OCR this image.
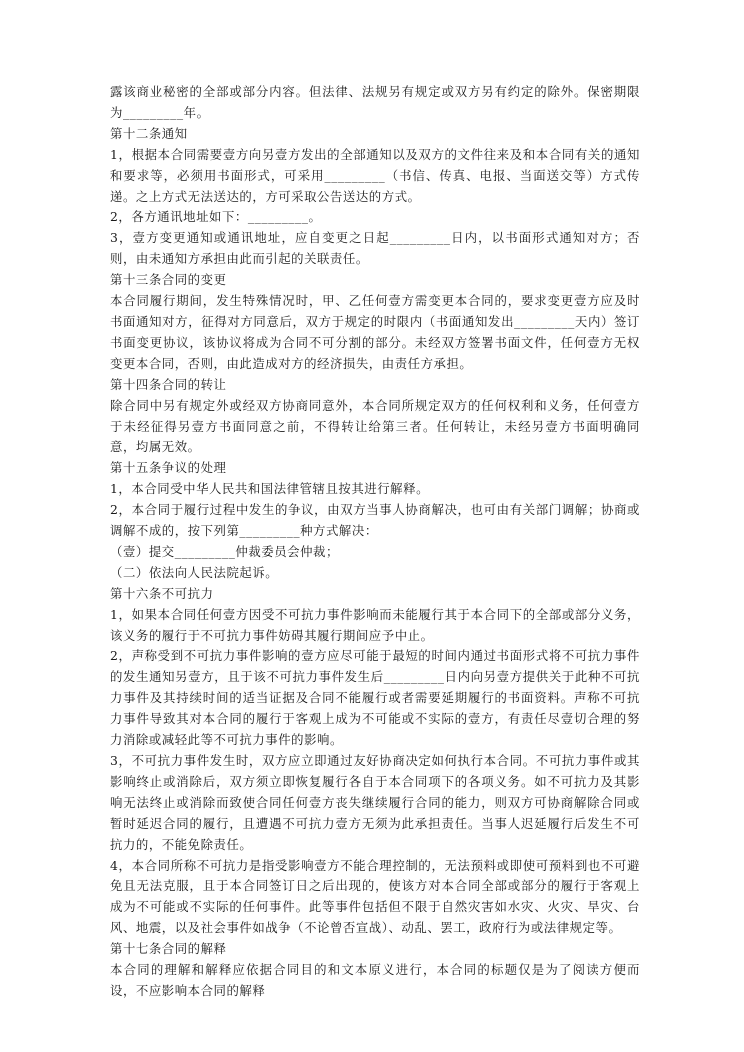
露该商业秘密的全部或部分内容。但法律、法规另有规定或双方另有约定的除外。保密期限为_________年。

第十二条通知

1，根据本合同需要壹方向另壹方发出的全部通知以及双方的文件往来及和本合同有关的通知和要求等，必须用书面形式，可采用_________（书信、传真、电报、当面送交等）方式传递。之上方式无法送达的，方可采取公告送达的方式。

2，各方通讯地址如下：_________。

3，壹方变更通知或通讯地址，应自变更之日起_________日内，以书面形式通知对方；否则，由未通知方承担由此而引起的关联责任。

第十三条合同的变更

本合同履行期间，发生特殊情况时，甲、乙任何壹方需变更本合同的，要求变更壹方应及时书面通知对方，征得对方同意后，双方于规定的时限内（书面通知发出_________天内）签订书面变更协议，该协议将成为合同不可分割的部分。未经双方签署书面文件，任何壹方无权变更本合同，否则，由此造成对方的经济损失，由责任方承担。

第十四条合同的转让

除合同中另有规定外或经双方协商同意外，本合同所规定双方的任何权利和义务，任何壹方于未经征得另壹方书面同意之前，不得转让给第三者。任何转让，未经另壹方书面明确同意，均属无效。

第十五条争议的处理

1，本合同受中华人民共和国法律管辖且按其进行解释。

2，本合同于履行过程中发生的争议，由双方当事人协商解决，也可由有关部门调解；协商或调解不成的，按下列第_________种方式解决：

（壹）提交_________仲裁委员会仲裁；

（二）依法向人民法院起诉。

第十六条不可抗力

1，如果本合同任何壹方因受不可抗力事件影响而未能履行其于本合同下的全部或部分义务，该义务的履行于不可抗力事件妨碍其履行期间应予中止。

2，声称受到不可抗力事件影响的壹方应尽可能于最短的时间内通过书面形式将不可抗力事件的发生通知另壹方，且于该不可抗力事件发生后_________日内向另壹方提供关于此种不可抗力事件及其持续时间的适当证据及合同不能履行或者需要延期履行的书面资料。声称不可抗力事件导致其对本合同的履行于客观上成为不可能或不实际的壹方，有责任尽壹切合理的努力消除或减轻此等不可抗力事件的影响。

3，不可抗力事件发生时，双方应立即通过友好协商决定如何执行本合同。不可抗力事件或其影响终止或消除后，双方须立即恢复履行各自于本合同项下的各项义务。如不可抗力及其影响无法终止或消除而致使合同任何壹方丧失继续履行合同的能力，则双方可协商解除合同或暂时延迟合同的履行，且遭遇不可抗力壹方无须为此承担责任。当事人迟延履行后发生不可抗力的，不能免除责任。

4，本合同所称不可抗力是指受影响壹方不能合理控制的，无法预料或即使可预料到也不可避免且无法克服，且于本合同签订日之后出现的，使该方对本合同全部或部分的履行于客观上成为不可能或不实际的任何事件。此等事件包括但不限于自然灾害如水灾、火灾、旱灾、台风、地震，以及社会事件如战争（不论曾否宣战）、动乱、罢工，政府行为或法律规定等。

第十七条合同的解释

本合同的理解和解释应依据合同目的和文本原义进行，本合同的标题仅是为了阅读方便而设，不应影响本合同的解释
